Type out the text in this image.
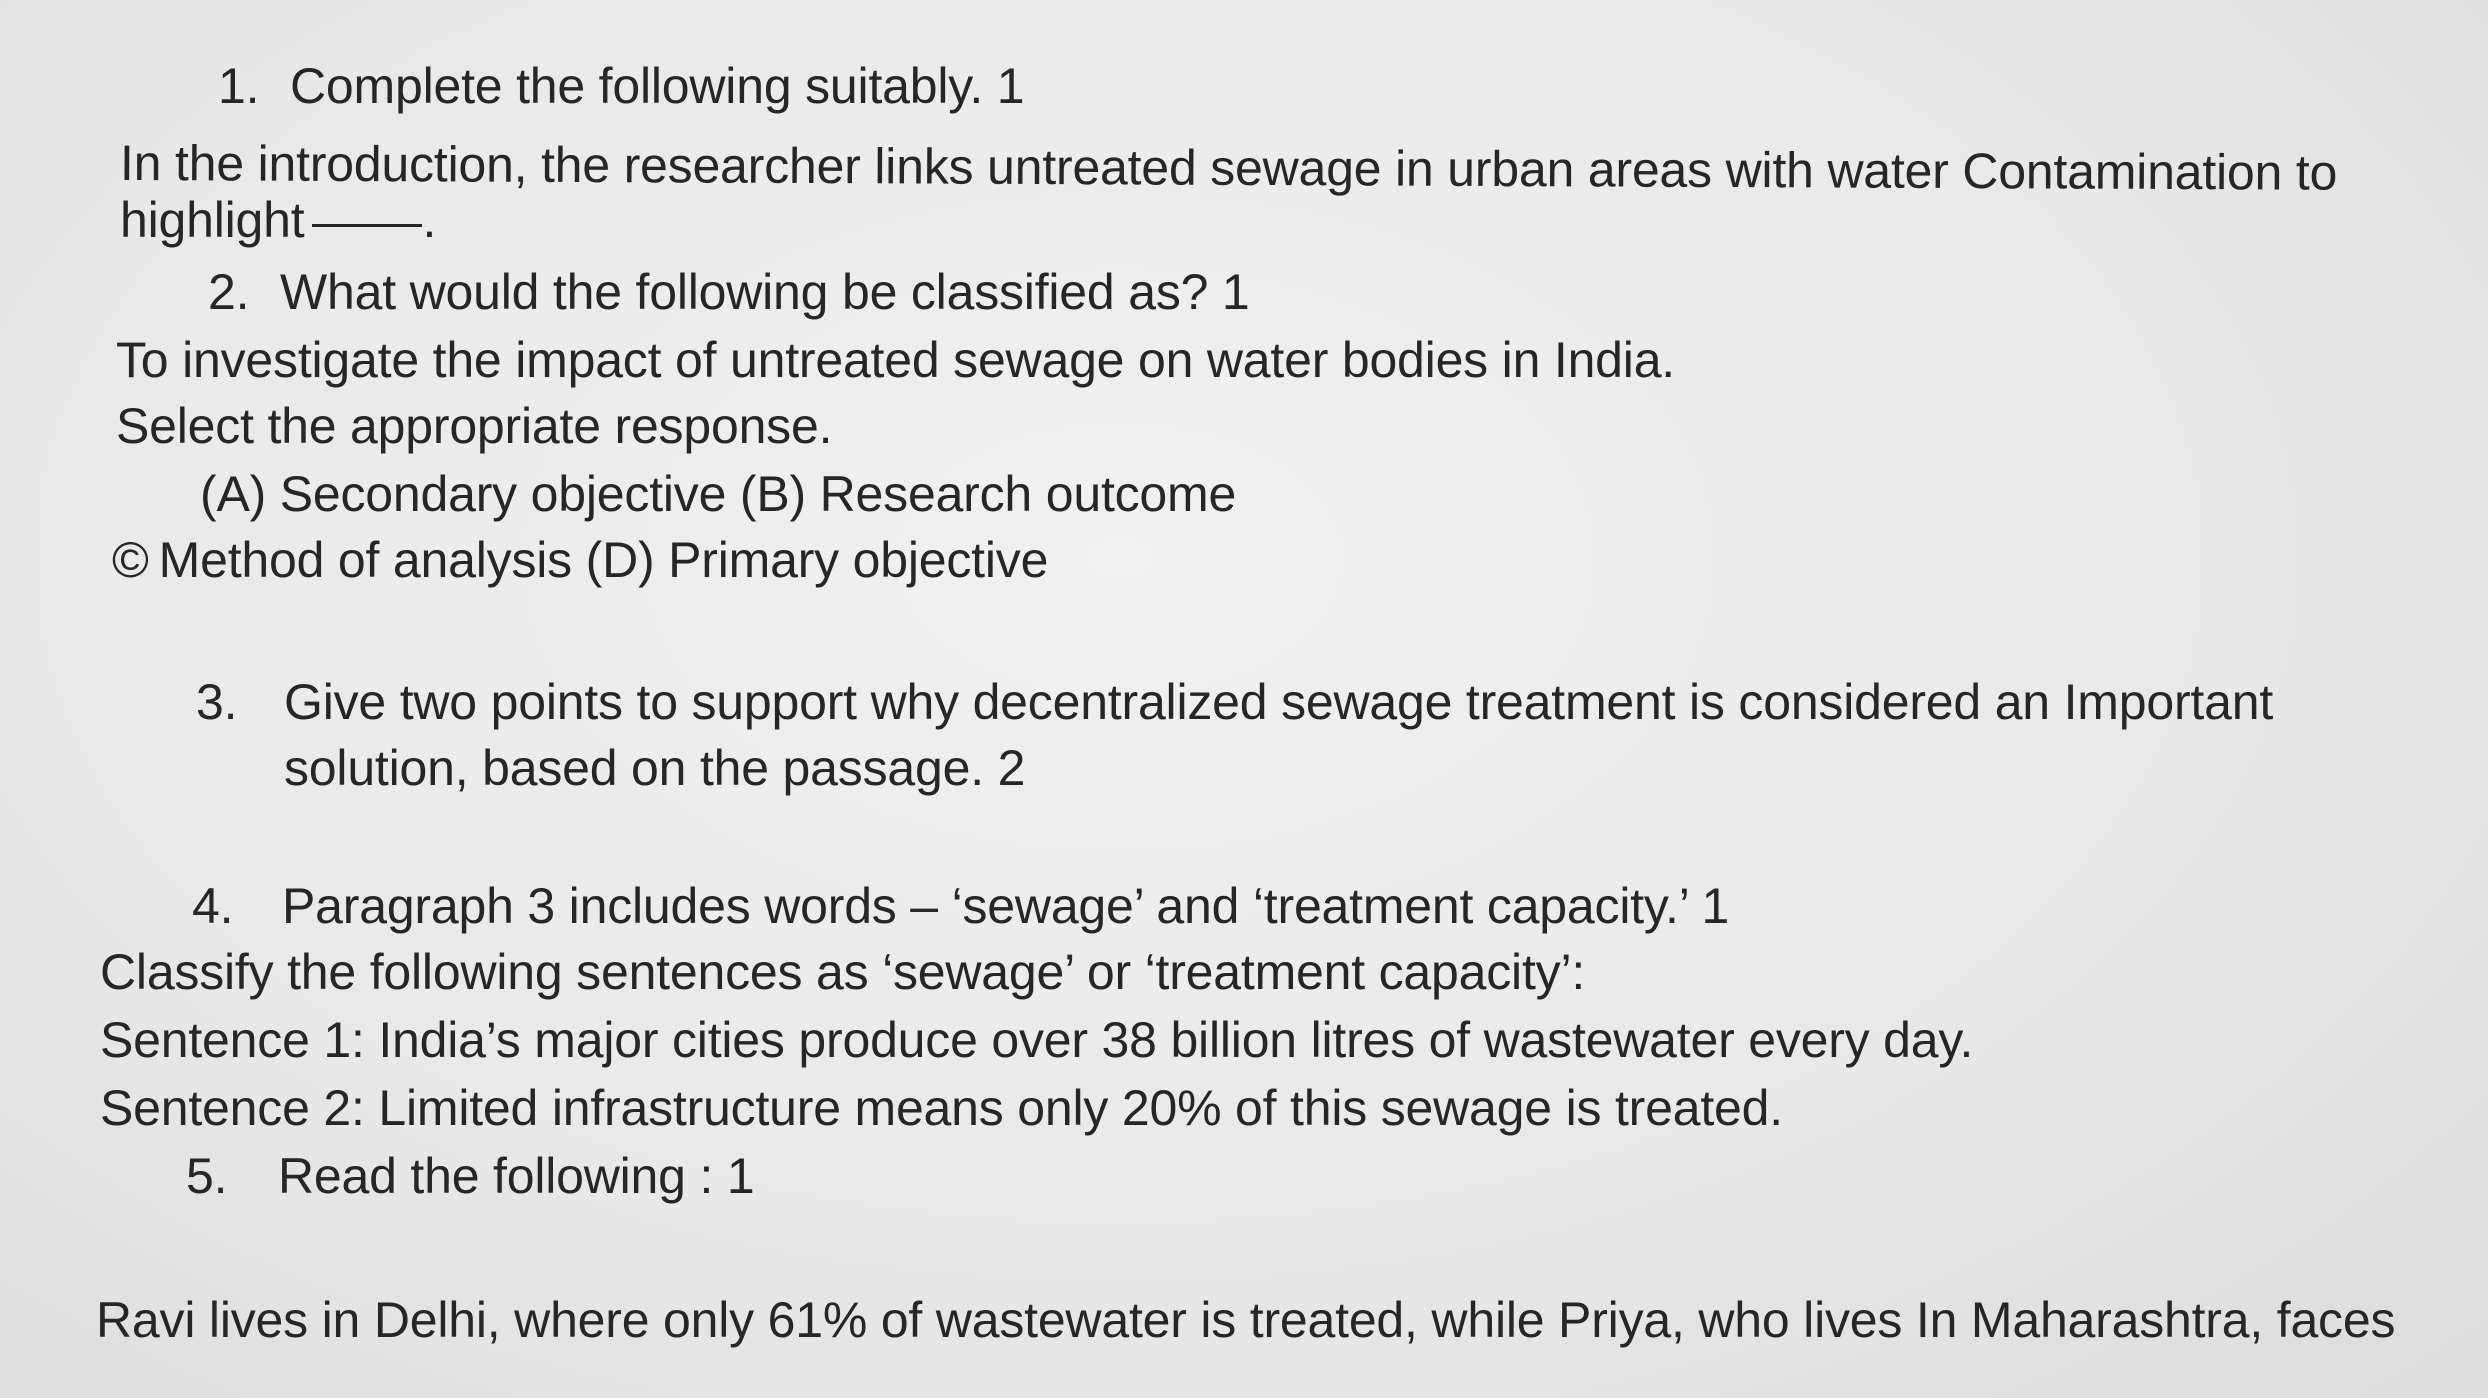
1. Complete the following suitably. 1
In the introduction, the researcher links untreated sewage in urban areas with water Contamination to
highlight .
2. What would the following be classified as? 1
To investigate the impact of untreated sewage on water bodies in India.
Select the appropriate response.
(A) Secondary objective (B) Research outcome
© Method of analysis (D) Primary objective
3. Give two points to support why decentralized sewage treatment is considered an Important
solution, based on the passage. 2
4. Paragraph 3 includes words – ‘sewage’ and ‘treatment capacity.’ 1
Classify the following sentences as ‘sewage’ or ‘treatment capacity’:
Sentence 1: India’s major cities produce over 38 billion litres of wastewater every day.
Sentence 2: Limited infrastructure means only 20% of this sewage is treated.
5. Read the following : 1
Ravi lives in Delhi, where only 61% of wastewater is treated, while Priya, who lives In Maharashtra, faces
